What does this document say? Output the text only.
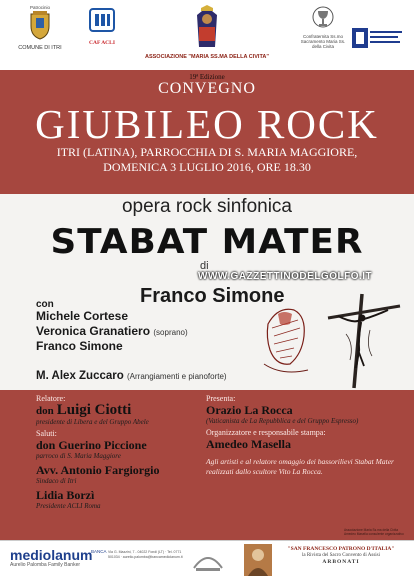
Patrocinio
COMUNE DI ITRI
CAF ACLI
ASSOCIAZIONE "MARIA SS.MA DELLA CIVITA"
Confraternita Ss.mo Sacramento Maria Ss. della Civita
19ª Edizione
CONVEGNO
GIUBILEO ROCK
ITRI (LATINA), PARROCCHIA DI S. MARIA MAGGIORE,
DOMENICA 3 LUGLIO 2016, ORE 18.30
opera rock sinfonica
STABAT MATER
di
WWW.GAZZETTINODELGOLFO.IT
Franco Simone
con
Michele Cortese
Veronica Granatiero (soprano)
Franco Simone
M. Alex Zuccaro (Arrangiamenti e pianoforte)

Relatore:

don Luigi Ciotti

presidente di Libera e del Gruppo Abele

Saluti:

don Guerino Piccione

parroco di S. Maria Maggiore

Avv. Antonio Fargiorgio

Sindaco di Itri

Lidia Borzì

Presidente ACLI Roma

Presenta:

Orazio La Rocca

(Vaticanista de La Repubblica e del Gruppo Espresso)

Organizzatore e responsabile stampa:

Amedeo Masella

Agli artisti e al relatore omaggio dei bassorilievi Stabat Mater realizzati dallo scultore Vito La Rocca.

Associazione Maria Ss.ma della Civita Amedeo Masella consulente organizzativo
mediolanum
Aurelio Palomba Family Banker
BANCA Via G. Mazzini, 7 - 04022 Fondi (LT) · Tel. 0771 501034 · aurelio.palomba@bancamediolanum.it
"SAN FRANCESCO PATRONO D'ITALIA"
la Rivista del Sacro Convento di Assisi
ARBONATI
